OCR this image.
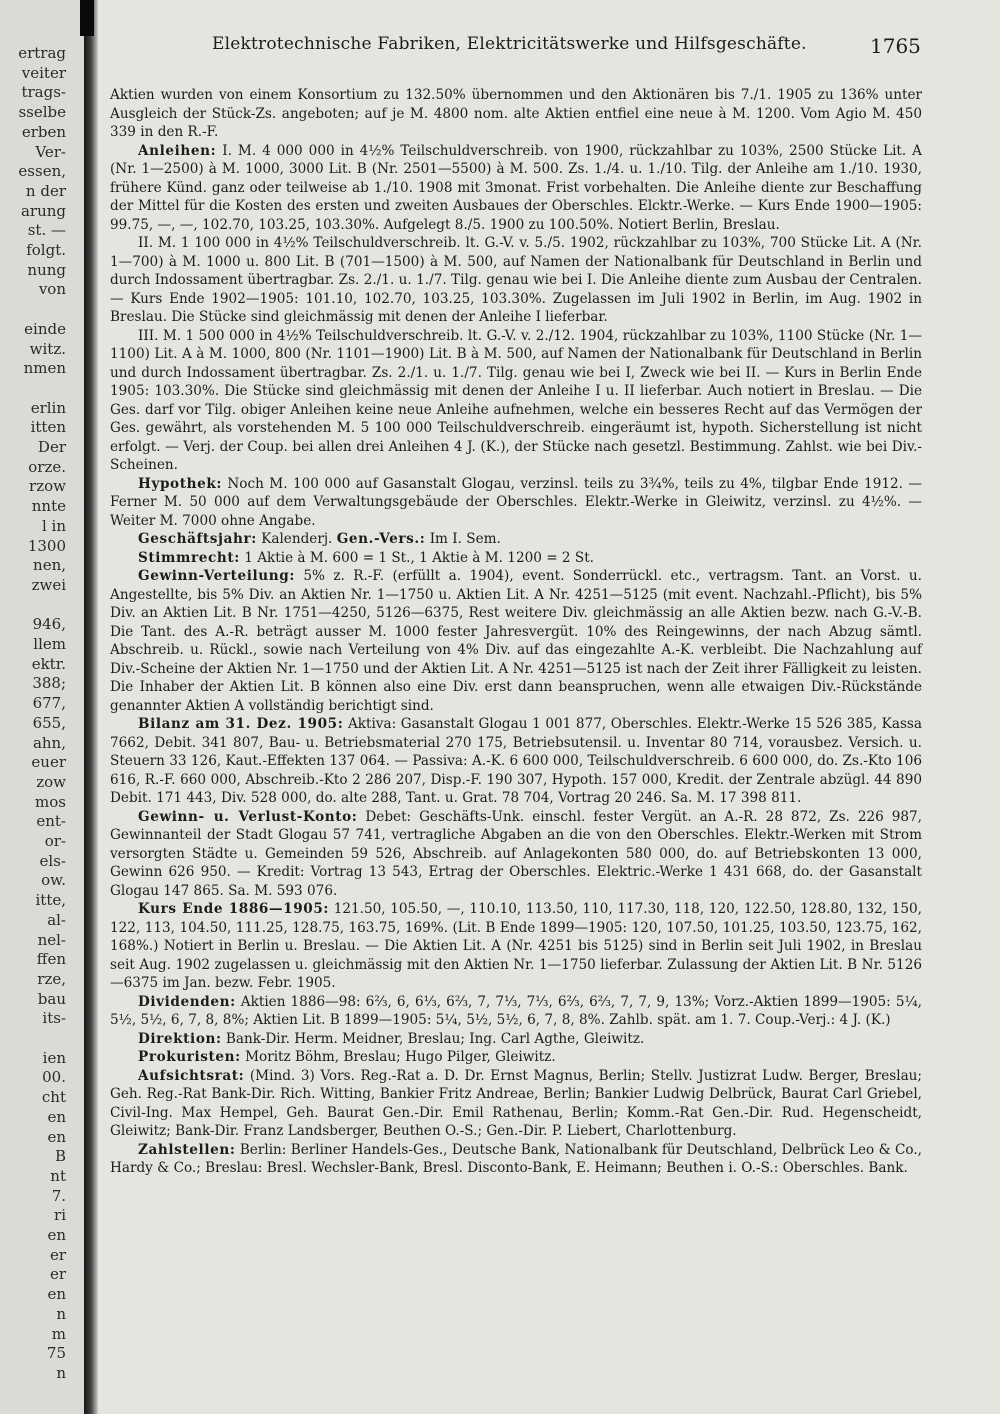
ertrag
veiter
trags-
sselbe
erben
Ver-
essen,
n der
arung
st. —
folgt.
nung
von
einde
witz.
nmen
erlin
itten
Der
orze.
rzow
nnte
l in
1300
nen,
zwei
946,
llem
ektr.
388;
677,
655,
ahn,
euer
zow
mos
ent-
or-
els-
ow.
itte,
al-
nel-
ffen
rze,
bau
its-
ien
00.
cht
en
en
B
nt
7.
ri
en
er
er
en
n
m
75
n
Elektrotechnische Fabriken, Elektricitätswerke und Hilfsgeschäfte.	1765

Aktien wurden von einem Konsortium zu 132.50% übernommen und den Aktionären bis 7./1. 1905 zu 136% unter Ausgleich der Stück-Zs. angeboten; auf je M. 4800 nom. alte Aktien entfiel eine neue à M. 1200. Vom Agio M. 450 339 in den R.-F.

Anleihen: I. M. 4 000 000 in 4½% Teilschuldverschreib. von 1900, rückzahlbar zu 103%, 2500 Stücke Lit. A (Nr. 1—2500) à M. 1000, 3000 Lit. B (Nr. 2501—5500) à M. 500. Zs. 1./4. u. 1./10. Tilg. der Anleihe am 1./10. 1930, frühere Künd. ganz oder teilweise ab 1./10. 1908 mit 3monat. Frist vorbehalten. Die Anleihe diente zur Beschaffung der Mittel für die Kosten des ersten und zweiten Ausbaues der Oberschles. Elcktr.-Werke. — Kurs Ende 1900—1905: 99.75, —, —, 102.70, 103.25, 103.30%. Aufgelegt 8./5. 1900 zu 100.50%. Notiert Berlin, Breslau.

II. M. 1 100 000 in 4½% Teilschuldverschreib. lt. G.-V. v. 5./5. 1902, rückzahlbar zu 103%, 700 Stücke Lit. A (Nr. 1—700) à M. 1000 u. 800 Lit. B (701—1500) à M. 500, auf Namen der Nationalbank für Deutschland in Berlin und durch Indossament übertragbar. Zs. 2./1. u. 1./7. Tilg. genau wie bei I. Die Anleihe diente zum Ausbau der Centralen. — Kurs Ende 1902—1905: 101.10, 102.70, 103.25, 103.30%. Zugelassen im Juli 1902 in Berlin, im Aug. 1902 in Breslau. Die Stücke sind gleichmässig mit denen der Anleihe I lieferbar.

III. M. 1 500 000 in 4½% Teilschuldverschreib. lt. G.-V. v. 2./12. 1904, rückzahlbar zu 103%, 1100 Stücke (Nr. 1—1100) Lit. A à M. 1000, 800 (Nr. 1101—1900) Lit. B à M. 500, auf Namen der Nationalbank für Deutschland in Berlin und durch Indossament übertragbar. Zs. 2./1. u. 1./7. Tilg. genau wie bei I, Zweck wie bei II. — Kurs in Berlin Ende 1905: 103.30%. Die Stücke sind gleichmässig mit denen der Anleihe I u. II lieferbar. Auch notiert in Breslau. — Die Ges. darf vor Tilg. obiger Anleihen keine neue Anleihe aufnehmen, welche ein besseres Recht auf das Vermögen der Ges. gewährt, als vorstehenden M. 5 100 000 Teilschuldverschreib. eingeräumt ist, hypoth. Sicherstellung ist nicht erfolgt. — Verj. der Coup. bei allen drei Anleihen 4 J. (K.), der Stücke nach gesetzl. Bestimmung. Zahlst. wie bei Div.-Scheinen.

Hypothek: Noch M. 100 000 auf Gasanstalt Glogau, verzinsl. teils zu 3¾%, teils zu 4%, tilgbar Ende 1912. — Ferner M. 50 000 auf dem Verwaltungsgebäude der Oberschles. Elektr.-Werke in Gleiwitz, verzinsl. zu 4½%. — Weiter M. 7000 ohne Angabe.

Geschäftsjahr: Kalenderj. Gen.-Vers.: Im I. Sem.

Stimmrecht: 1 Aktie à M. 600 = 1 St., 1 Aktie à M. 1200 = 2 St.

Gewinn-Verteilung: 5% z. R.-F. (erfüllt a. 1904), event. Sonderrückl. etc., vertragsm. Tant. an Vorst. u. Angestellte, bis 5% Div. an Aktien Nr. 1—1750 u. Aktien Lit. A Nr. 4251—5125 (mit event. Nachzahl.-Pflicht), bis 5% Div. an Aktien Lit. B Nr. 1751—4250, 5126—6375, Rest weitere Div. gleichmässig an alle Aktien bezw. nach G.-V.-B. Die Tant. des A.-R. beträgt ausser M. 1000 fester Jahresvergüt. 10% des Reingewinns, der nach Abzug sämtl. Abschreib. u. Rückl., sowie nach Verteilung von 4% Div. auf das eingezahlte A.-K. verbleibt. Die Nachzahlung auf Div.-Scheine der Aktien Nr. 1—1750 und der Aktien Lit. A Nr. 4251—5125 ist nach der Zeit ihrer Fälligkeit zu leisten. Die Inhaber der Aktien Lit. B können also eine Div. erst dann beanspruchen, wenn alle etwaigen Div.-Rückstände genannter Aktien A vollständig berichtigt sind.

Bilanz am 31. Dez. 1905: Aktiva: Gasanstalt Glogau 1 001 877, Oberschles. Elektr.-Werke 15 526 385, Kassa 7662, Debit. 341 807, Bau- u. Betriebsmaterial 270 175, Betriebsutensil. u. Inventar 80 714, vorausbez. Versich. u. Steuern 33 126, Kaut.-Effekten 137 064. — Passiva: A.-K. 6 600 000, Teilschuldverschreib. 6 600 000, do. Zs.-Kto 106 616, R.-F. 660 000, Abschreib.-Kto 2 286 207, Disp.-F. 190 307, Hypoth. 157 000, Kredit. der Zentrale abzügl. 44 890 Debit. 171 443, Div. 528 000, do. alte 288, Tant. u. Grat. 78 704, Vortrag 20 246. Sa. M. 17 398 811.

Gewinn- u. Verlust-Konto: Debet: Geschäfts-Unk. einschl. fester Vergüt. an A.-R. 28 872, Zs. 226 987, Gewinnanteil der Stadt Glogau 57 741, vertragliche Abgaben an die von den Oberschles. Elektr.-Werken mit Strom versorgten Städte u. Gemeinden 59 526, Abschreib. auf Anlagekonten 580 000, do. auf Betriebskonten 13 000, Gewinn 626 950. — Kredit: Vortrag 13 543, Ertrag der Oberschles. Elektric.-Werke 1 431 668, do. der Gasanstalt Glogau 147 865. Sa. M. 593 076.

Kurs Ende 1886—1905: 121.50, 105.50, —, 110.10, 113.50, 110, 117.30, 118, 120, 122.50, 128.80, 132, 150, 122, 113, 104.50, 111.25, 128.75, 163.75, 169%. (Lit. B Ende 1899—1905: 120, 107.50, 101.25, 103.50, 123.75, 162, 168%.) Notiert in Berlin u. Breslau. — Die Aktien Lit. A (Nr. 4251 bis 5125) sind in Berlin seit Juli 1902, in Breslau seit Aug. 1902 zugelassen u. gleichmässig mit den Aktien Nr. 1—1750 lieferbar. Zulassung der Aktien Lit. B Nr. 5126—6375 im Jan. bezw. Febr. 1905.

Dividenden: Aktien 1886—98: 6⅔, 6, 6⅓, 6⅔, 7, 7⅓, 7⅓, 6⅔, 6⅔, 7, 7, 9, 13%; Vorz.-Aktien 1899—1905: 5¼, 5½, 5½, 6, 7, 8, 8%; Aktien Lit. B 1899—1905: 5¼, 5½, 5½, 6, 7, 8, 8%. Zahlb. spät. am 1. 7. Coup.-Verj.: 4 J. (K.)

Direktion: Bank-Dir. Herm. Meidner, Breslau; Ing. Carl Agthe, Gleiwitz.

Prokuristen: Moritz Böhm, Breslau; Hugo Pilger, Gleiwitz.

Aufsichtsrat: (Mind. 3) Vors. Reg.-Rat a. D. Dr. Ernst Magnus, Berlin; Stellv. Justizrat Ludw. Berger, Breslau; Geh. Reg.-Rat Bank-Dir. Rich. Witting, Bankier Fritz Andreae, Berlin; Bankier Ludwig Delbrück, Baurat Carl Griebel, Civil-Ing. Max Hempel, Geh. Baurat Gen.-Dir. Emil Rathenau, Berlin; Komm.-Rat Gen.-Dir. Rud. Hegenscheidt, Gleiwitz; Bank-Dir. Franz Landsberger, Beuthen O.-S.; Gen.-Dir. P. Liebert, Charlottenburg.

Zahlstellen: Berlin: Berliner Handels-Ges., Deutsche Bank, Nationalbank für Deutschland, Delbrück Leo & Co., Hardy & Co.; Breslau: Bresl. Wechsler-Bank, Bresl. Disconto-Bank, E. Heimann; Beuthen i. O.-S.: Oberschles. Bank.
